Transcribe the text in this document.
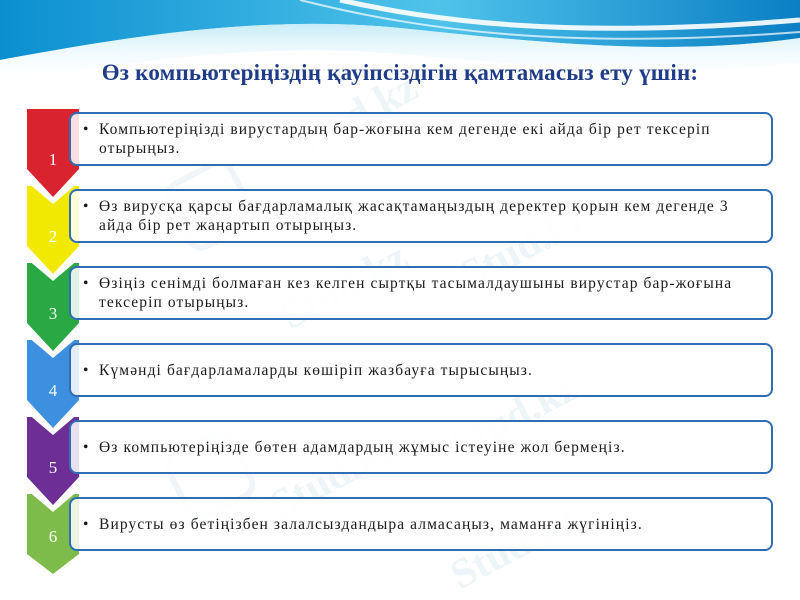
Өз компьютеріңіздің қауіпсіздігін қамтамасыз ету үшін:
Stud.kz
Stud.kz
Stud.kz
1
• Компьютеріңізді вирустардың бар-жоғына кем дегенде екі айда бір рет тексеріп отырыңыз.
2
• Өз вирусқа қарсы бағдарламалық жасақтамаңыздың деректер қорын кем дегенде 3 айда бір рет жаңартып отырыңыз.
3
• Өзіңіз сенімді болмаған кез келген сыртқы тасымалдаушыны вирустар бар-жоғына тексеріп отырыңыз.
4
• Күмәнді бағдарламаларды көшіріп жазбауға тырысыңыз.
5
• Өз компьютеріңізде бөтен адамдардың жұмыс істеуіне жол бермеңіз.
6
• Вирусты өз бетіңізбен залалсыздандыра алмасаңыз, маманға жүгініңіз.
